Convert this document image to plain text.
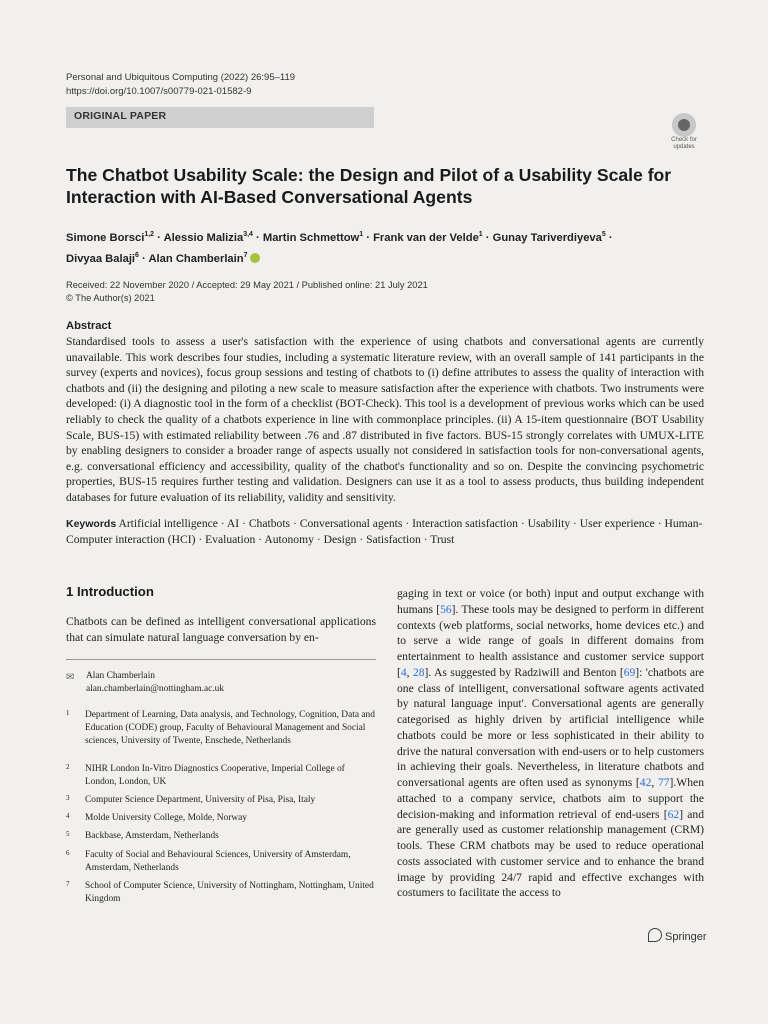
Personal and Ubiquitous Computing (2022) 26:95–119
https://doi.org/10.1007/s00779-021-01582-9
ORIGINAL PAPER
Check for updates
The Chatbot Usability Scale: the Design and Pilot of a Usability Scale for Interaction with AI-Based Conversational Agents
Simone Borsci$^{1,2}$ · Alessio Malizia$^{3,4}$ · Martin Schmettow$^1$ · Frank van der Velde$^1$ · Gunay Tariverdiyeva$^5$ ·
Divyaa Balaji$^6$ · Alan Chamberlain$^7$
Received: 22 November 2020 / Accepted: 29 May 2021 / Published online: 21 July 2021
© The Author(s) 2021
Abstract
Standardised tools to assess a user's satisfaction with the experience of using chatbots and conversational agents are currently unavailable. This work describes four studies, including a systematic literature review, with an overall sample of 141 participants in the survey (experts and novices), focus group sessions and testing of chatbots to (i) define attributes to assess the quality of interaction with chatbots and (ii) the designing and piloting a new scale to measure satisfaction after the experience with chatbots. Two instruments were developed: (i) A diagnostic tool in the form of a checklist (BOT-Check). This tool is a development of previous works which can be used reliably to check the quality of a chatbots experience in line with commonplace principles. (ii) A 15-item questionnaire (BOT Usability Scale, BUS-15) with estimated reliability between .76 and .87 distributed in five factors. BUS-15 strongly correlates with UMUX-LITE by enabling designers to consider a broader range of aspects usually not considered in satisfaction tools for non-conversational agents, e.g. conversational efficiency and accessibility, quality of the chatbot's functionality and so on. Despite the convincing psychometric properties, BUS-15 requires further testing and validation. Designers can use it as a tool to assess products, thus building independent databases for future evaluation of its reliability, validity and sensitivity.
Keywords Artificial intelligence · AI · Chatbots · Conversational agents · Interaction satisfaction · Usability · User experience · Human-Computer interaction (HCI) · Evaluation · Autonomy · Design · Satisfaction · Trust
1 Introduction
Chatbots can be defined as intelligent conversational applications that can simulate natural language conversation by en-
✉ Alan Chamberlain
alan.chamberlain@nottingham.ac.uk
1 Department of Learning, Data analysis, and Technology, Cognition, Data and Education (CODE) group, Faculty of Behavioural Management and Social sciences, University of Twente, Enschede, Netherlands
2 NIHR London In-Vitro Diagnostics Cooperative, Imperial College of London, London, UK
3 Computer Science Department, University of Pisa, Pisa, Italy
4 Molde University College, Molde, Norway
5 Backbase, Amsterdam, Netherlands
6 Faculty of Social and Behavioural Sciences, University of Amsterdam, Amsterdam, Netherlands
7 School of Computer Science, University of Nottingham, Nottingham, United Kingdom
gaging in text or voice (or both) input and output exchange with humans [56]. These tools may be designed to perform in different contexts (web platforms, social networks, home devices etc.) and to serve a wide range of goals in different domains from entertainment to health assistance and customer service support [4, 28]. As suggested by Radziwill and Benton [69]: 'chatbots are one class of intelligent, conversational software agents activated by natural language input'. Conversational agents are generally categorised as highly driven by artificial intelligence while chatbots could be more or less sophisticated in their ability to drive the natural conversation with end-users or to help customers in achieving their goals. Nevertheless, in literature chatbots and conversational agents are often used as synonyms [42, 77].When attached to a company service, chatbots aim to support the decision-making and information retrieval of end-users [62] and are generally used as customer relationship management (CRM) tools. These CRM chatbots may be used to reduce operational costs associated with customer service and to enhance the brand image by providing 24/7 rapid and effective exchanges with costumers to facilitate the access to
Springer
